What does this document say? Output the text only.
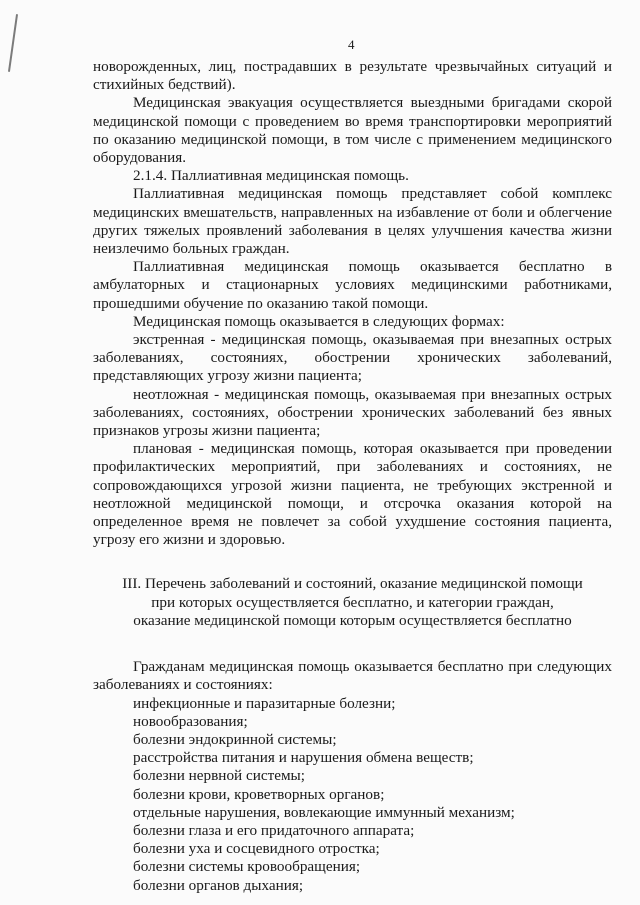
4

новорожденных, лиц, пострадавших в результате чрезвычайных ситуаций и стихийных бедствий).

Медицинская эвакуация осуществляется выездными бригадами скорой медицинской помощи с проведением во время транспортировки мероприятий по оказанию медицинской помощи, в том числе с применением медицинского оборудования.

2.1.4. Паллиативная медицинская помощь.

Паллиативная медицинская помощь представляет собой комплекс медицинских вмешательств, направленных на избавление от боли и облегчение других тяжелых проявлений заболевания в целях улучшения качества жизни неизлечимо больных граждан.

Паллиативная медицинская помощь оказывается бесплатно в амбулаторных и стационарных условиях медицинскими работниками, прошедшими обучение по оказанию такой помощи.

Медицинская помощь оказывается в следующих формах:

экстренная - медицинская помощь, оказываемая при внезапных острых заболеваниях, состояниях, обострении хронических заболеваний, представляющих угрозу жизни пациента;

неотложная - медицинская помощь, оказываемая при внезапных острых заболеваниях, состояниях, обострении хронических заболеваний без явных признаков угрозы жизни пациента;

плановая - медицинская помощь, которая оказывается при проведении профилактических мероприятий, при заболеваниях и состояниях, не сопровождающихся угрозой жизни пациента, не требующих экстренной и неотложной медицинской помощи, и отсрочка оказания которой на определенное время не повлечет за собой ухудшение состояния пациента, угрозу его жизни и здоровью.

III. Перечень заболеваний и состояний, оказание медицинской помощи
при которых осуществляется бесплатно, и категории граждан,
оказание медицинской помощи которым осуществляется бесплатно

Гражданам медицинская помощь оказывается бесплатно при следующих заболеваниях и состояниях:

инфекционные и паразитарные болезни;
новообразования;
болезни эндокринной системы;
расстройства питания и нарушения обмена веществ;
болезни нервной системы;
болезни крови, кроветворных органов;
отдельные нарушения, вовлекающие иммунный механизм;
болезни глаза и его придаточного аппарата;
болезни уха и сосцевидного отростка;
болезни системы кровообращения;
болезни органов дыхания;
